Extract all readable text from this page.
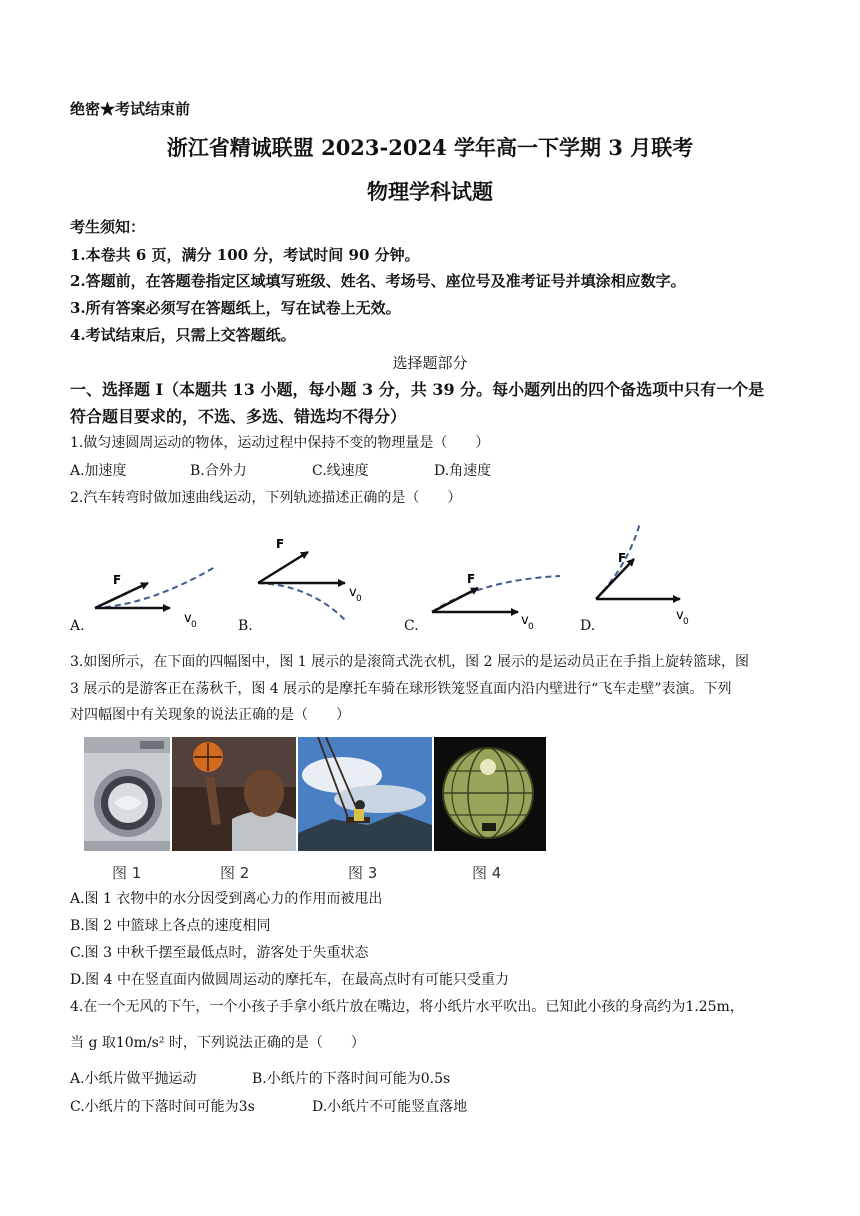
绝密★考试结束前
浙江省精诚联盟 2023-2024 学年高一下学期 3 月联考
物理学科试题
考生须知：
1.本卷共 6 页，满分 100 分，考试时间 90 分钟。
2.答题前，在答题卷指定区域填写班级、姓名、考场号、座位号及准考证号并填涂相应数字。
3.所有答案必须写在答题纸上，写在试卷上无效。
4.考试结束后，只需上交答题纸。
选择题部分
一、选择题 I（本题共 13 小题，每小题 3 分，共 39 分。每小题列出的四个备选项中只有一个是
符合题目要求的，不选、多选、错选均不得分）
1.做匀速圆周运动的物体，运动过程中保持不变的物理量是（　　）
A.加速度	B.合外力	C.线速度	D.角速度
2.汽车转弯时做加速曲线运动，下列轨迹描述正确的是（　　）
F
v 0
F
v 0
F
v 0
F
v 0
A.	B.	C.	D.
3.如图所示，在下面的四幅图中，图 1 展示的是滚筒式洗衣机，图 2 展示的是运动员正在手指上旋转篮球，图
3 展示的是游客正在荡秋千，图 4 展示的是摩托车骑在球形铁笼竖直面内沿内壁进行“飞车走壁”表演。下列
对四幅图中有关现象的说法正确的是（　　）
图 1	图 2	图 3	图 4
A.图 1 衣物中的水分因受到离心力的作用而被甩出
B.图 2 中篮球上各点的速度相同
C.图 3 中秋千摆至最低点时，游客处于失重状态
D.图 4 中在竖直面内做圆周运动的摩托车，在最高点时有可能只受重力
4.在一个无风的下午，一个小孩子手拿小纸片放在嘴边，将小纸片水平吹出。已知此小孩的身高约为1.25m，
当 g 取10m/s² 时，下列说法正确的是（　　）
A.小纸片做平抛运动	B.小纸片的下落时间可能为0.5s
C.小纸片的下落时间可能为3s	D.小纸片不可能竖直落地
